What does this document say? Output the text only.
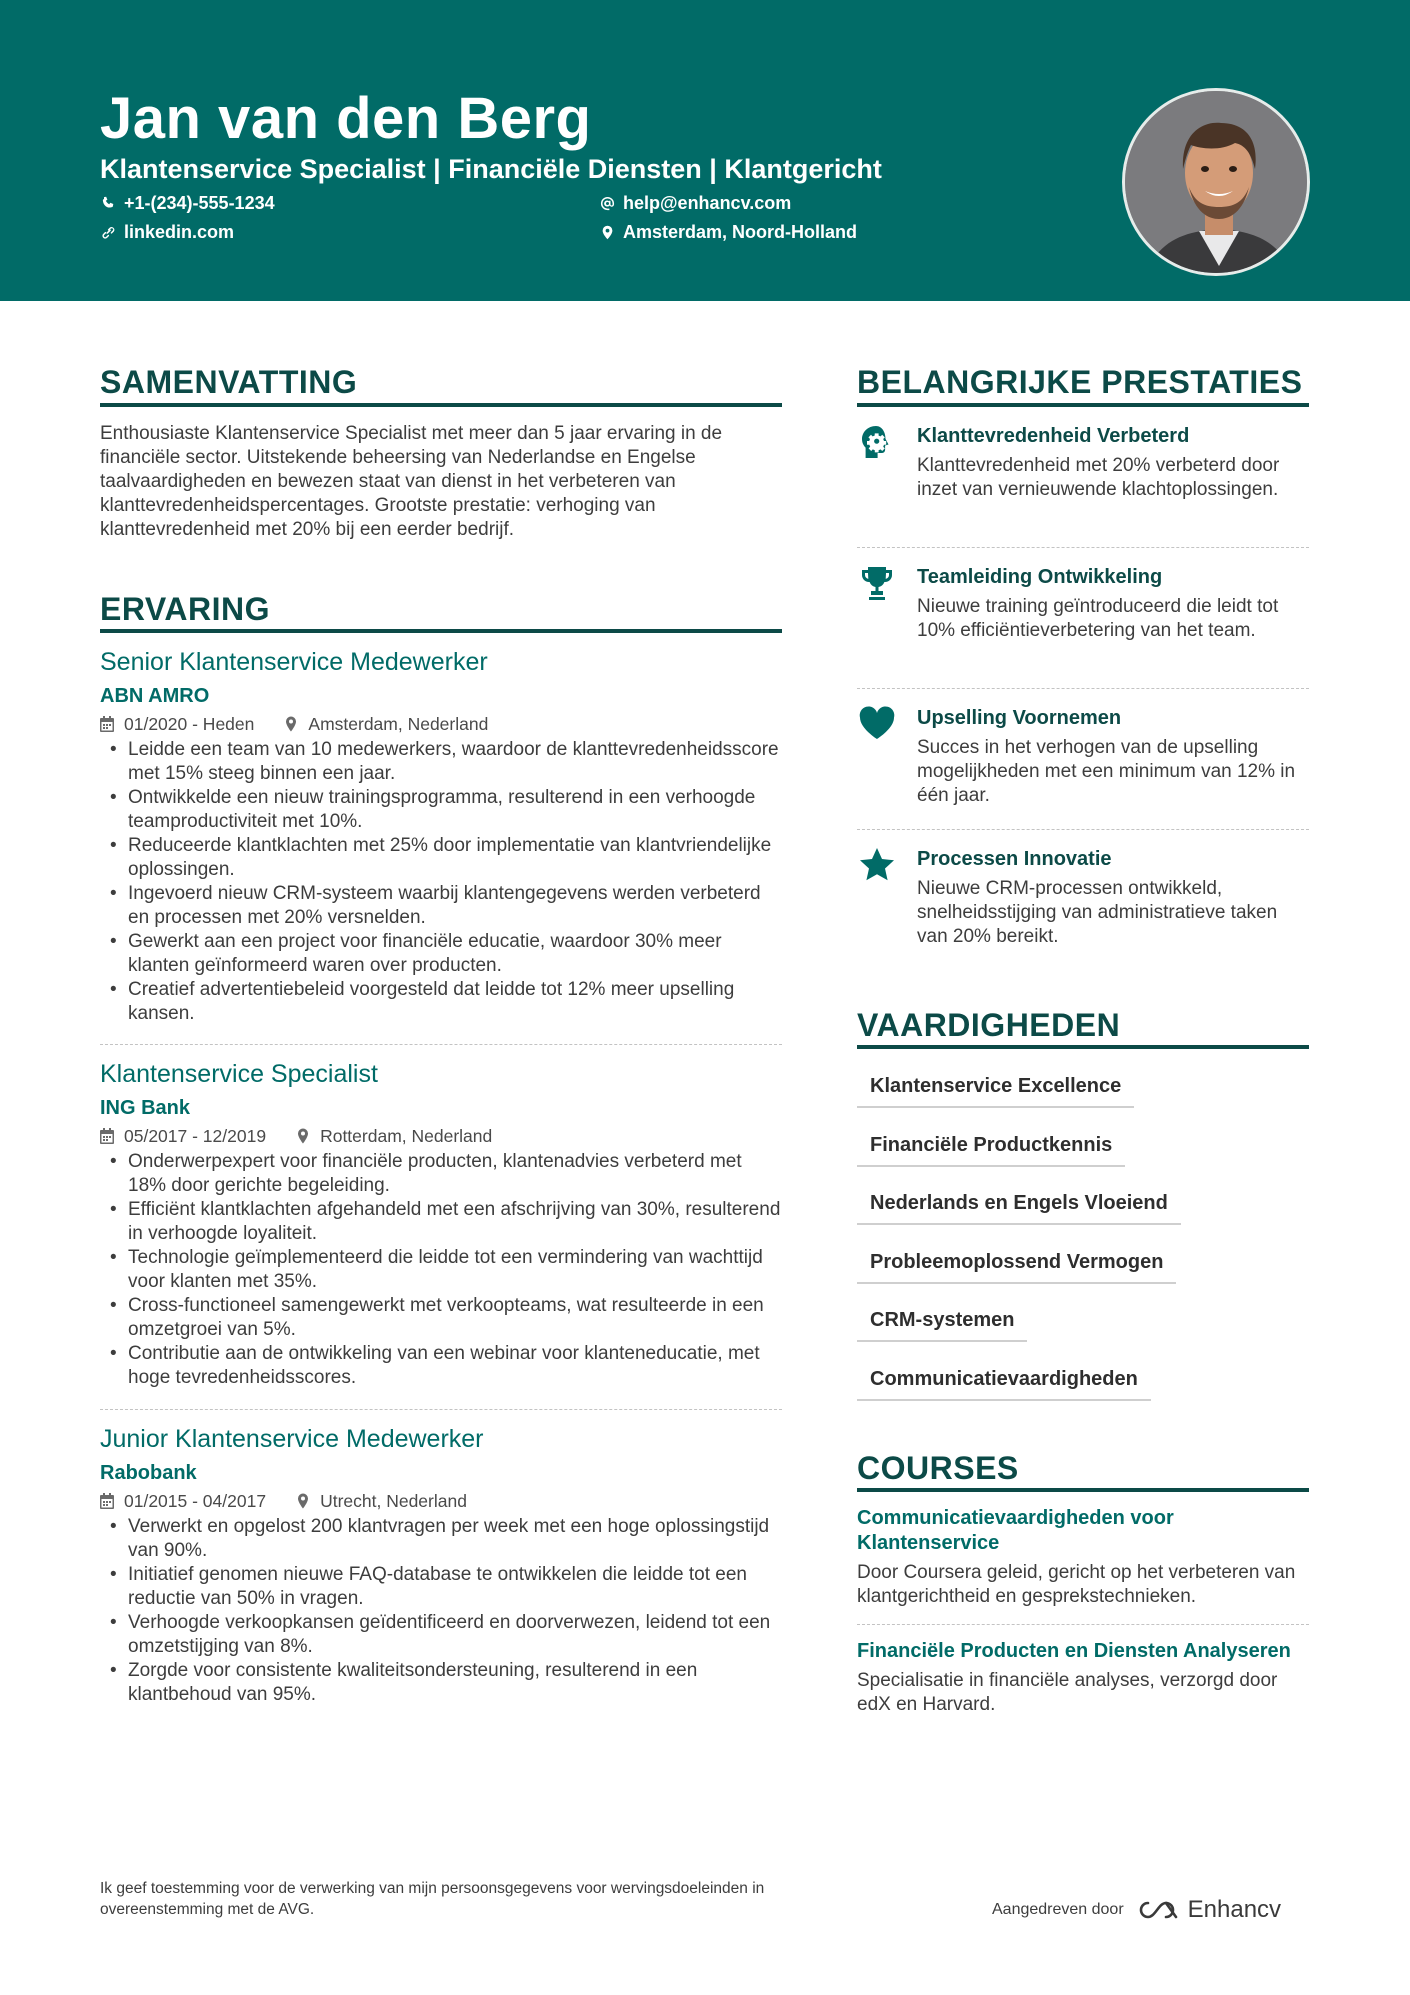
Jan van den Berg
Klantenservice Specialist | Financiële Diensten | Klantgericht
+1-(234)-555-1234	help@enhancv.com
linkedin.com	Amsterdam, Noord-Holland
SAMENVATTING
Enthousiaste Klantenservice Specialist met meer dan 5 jaar ervaring in de financiële sector. Uitstekende beheersing van Nederlandse en Engelse taalvaardigheden en bewezen staat van dienst in het verbeteren van klanttevredenheidspercentages. Grootste prestatie: verhoging van klanttevredenheid met 20% bij een eerder bedrijf.
ERVARING
Senior Klantenservice Medewerker
ABN AMRO
01/2020 - Heden	Amsterdam, Nederland
• Leidde een team van 10 medewerkers, waardoor de klanttevredenheidsscore met 15% steeg binnen een jaar.
• Ontwikkelde een nieuw trainingsprogramma, resulterend in een verhoogde teamproductiviteit met 10%.
• Reduceerde klantklachten met 25% door implementatie van klantvriendelijke oplossingen.
• Ingevoerd nieuw CRM-systeem waarbij klantengegevens werden verbeterd en processen met 20% versnelden.
• Gewerkt aan een project voor financiële educatie, waardoor 30% meer klanten geïnformeerd waren over producten.
• Creatief advertentiebeleid voorgesteld dat leidde tot 12% meer upselling kansen.
Klantenservice Specialist
ING Bank
05/2017 - 12/2019	Rotterdam, Nederland
• Onderwerpexpert voor financiële producten, klantenadvies verbeterd met 18% door gerichte begeleiding.
• Efficiënt klantklachten afgehandeld met een afschrijving van 30%, resulterend in verhoogde loyaliteit.
• Technologie geïmplementeerd die leidde tot een vermindering van wachttijd voor klanten met 35%.
• Cross-functioneel samengewerkt met verkoopteams, wat resulteerde in een omzetgroei van 5%.
• Contributie aan de ontwikkeling van een webinar voor klanteneducatie, met hoge tevredenheidsscores.
Junior Klantenservice Medewerker
Rabobank
01/2015 - 04/2017	Utrecht, Nederland
• Verwerkt en opgelost 200 klantvragen per week met een hoge oplossingstijd van 90%.
• Initiatief genomen nieuwe FAQ-database te ontwikkelen die leidde tot een reductie van 50% in vragen.
• Verhoogde verkoopkansen geïdentificeerd en doorverwezen, leidend tot een omzetstijging van 8%.
• Zorgde voor consistente kwaliteitsondersteuning, resulterend in een klantbehoud van 95%.
BELANGRIJKE PRESTATIES
Klanttevredenheid Verbeterd
Klanttevredenheid met 20% verbeterd door inzet van vernieuwende klachtoplossingen.
Teamleiding Ontwikkeling
Nieuwe training geïntroduceerd die leidt tot 10% efficiëntieverbetering van het team.
Upselling Voornemen
Succes in het verhogen van de upselling mogelijkheden met een minimum van 12% in één jaar.
Processen Innovatie
Nieuwe CRM-processen ontwikkeld, snelheidsstijging van administratieve taken van 20% bereikt.
VAARDIGHEDEN
Klantenservice Excellence
Financiële Productkennis
Nederlands en Engels Vloeiend
Probleemoplossend Vermogen
CRM-systemen
Communicatievaardigheden
COURSES
Communicatievaardigheden voor Klantenservice
Door Coursera geleid, gericht op het verbeteren van klantgerichtheid en gesprekstechnieken.
Financiële Producten en Diensten Analyseren
Specialisatie in financiële analyses, verzorgd door edX en Harvard.
Ik geef toestemming voor de verwerking van mijn persoonsgegevens voor wervingsdoeleinden in overeenstemming met de AVG.	Aangedreven door	Enhancv
